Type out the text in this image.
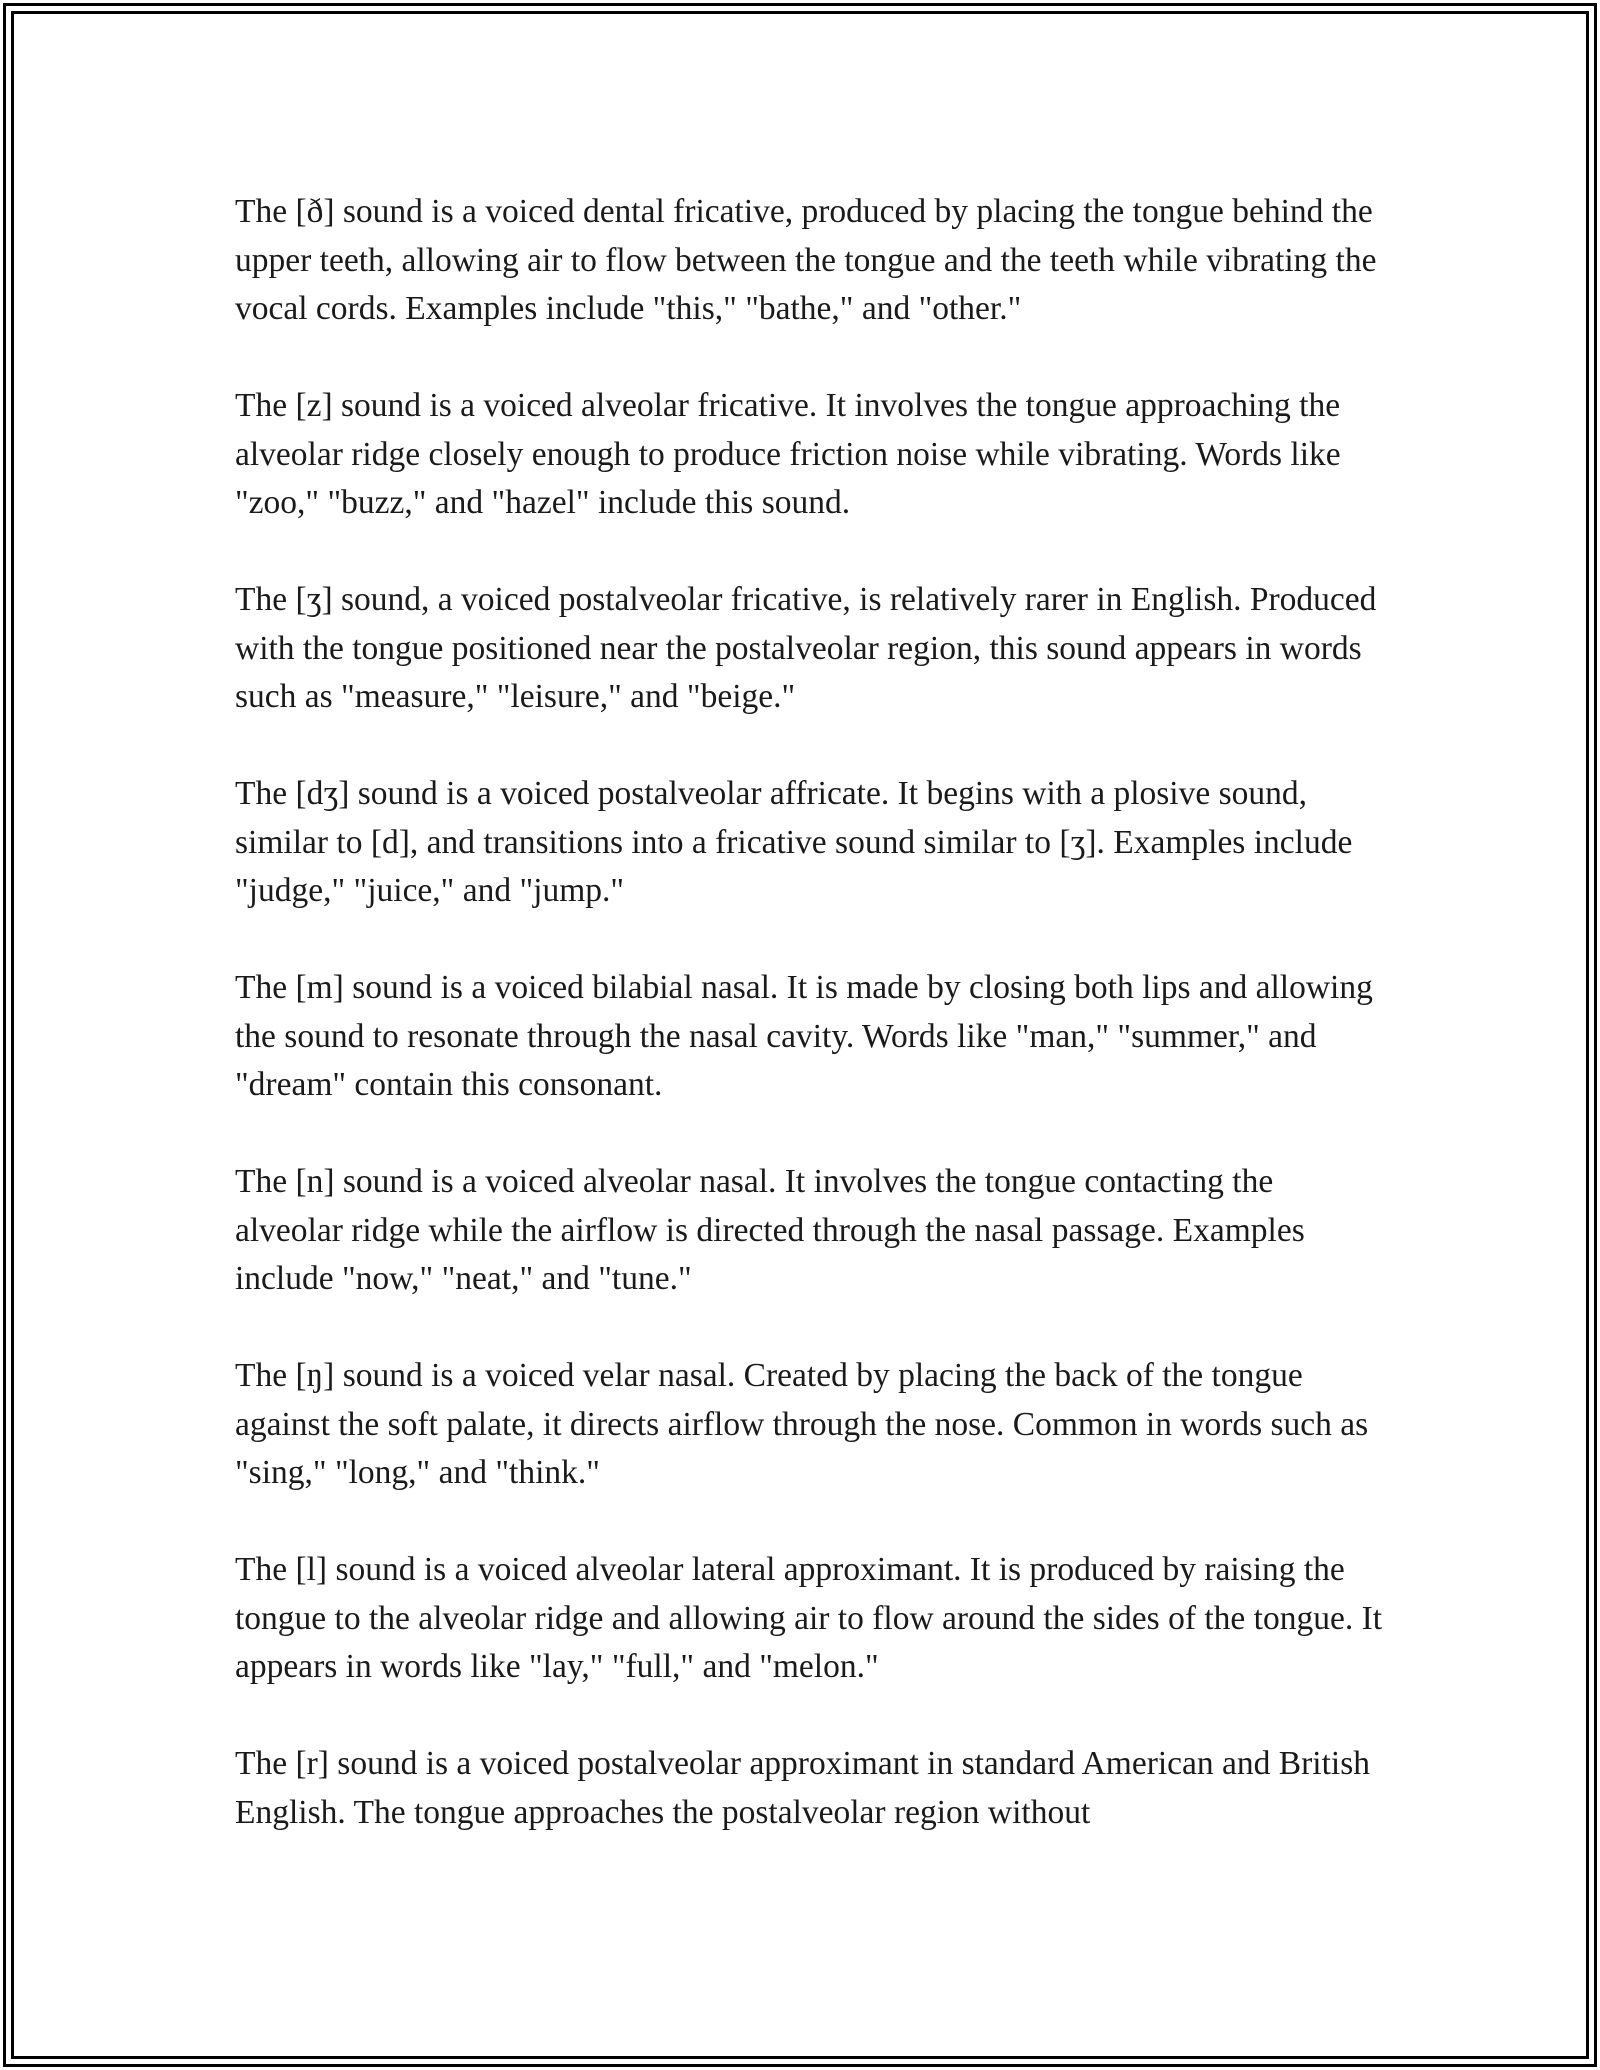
The [ð] sound is a voiced dental fricative, produced by placing the tongue behind the upper teeth, allowing air to flow between the tongue and the teeth while vibrating the vocal cords. Examples include "this," "bathe," and "other."

The [z] sound is a voiced alveolar fricative. It involves the tongue approaching the alveolar ridge closely enough to produce friction noise while vibrating. Words like "zoo," "buzz," and "hazel" include this sound.

The [ʒ] sound, a voiced postalveolar fricative, is relatively rarer in English. Produced with the tongue positioned near the postalveolar region, this sound appears in words such as "measure," "leisure," and "beige."

The [dʒ] sound is a voiced postalveolar affricate. It begins with a plosive sound, similar to [d], and transitions into a fricative sound similar to [ʒ]. Examples include "judge," "juice," and "jump."

The [m] sound is a voiced bilabial nasal. It is made by closing both lips and allowing the sound to resonate through the nasal cavity. Words like "man," "summer," and "dream" contain this consonant.

The [n] sound is a voiced alveolar nasal. It involves the tongue contacting the alveolar ridge while the airflow is directed through the nasal passage. Examples include "now," "neat," and "tune."

The [ŋ] sound is a voiced velar nasal. Created by placing the back of the tongue against the soft palate, it directs airflow through the nose. Common in words such as "sing," "long," and "think."

The [l] sound is a voiced alveolar lateral approximant. It is produced by raising the tongue to the alveolar ridge and allowing air to flow around the sides of the tongue. It appears in words like "lay," "full," and "melon."

The [r] sound is a voiced postalveolar approximant in standard American and British English. The tongue approaches the postalveolar region without
